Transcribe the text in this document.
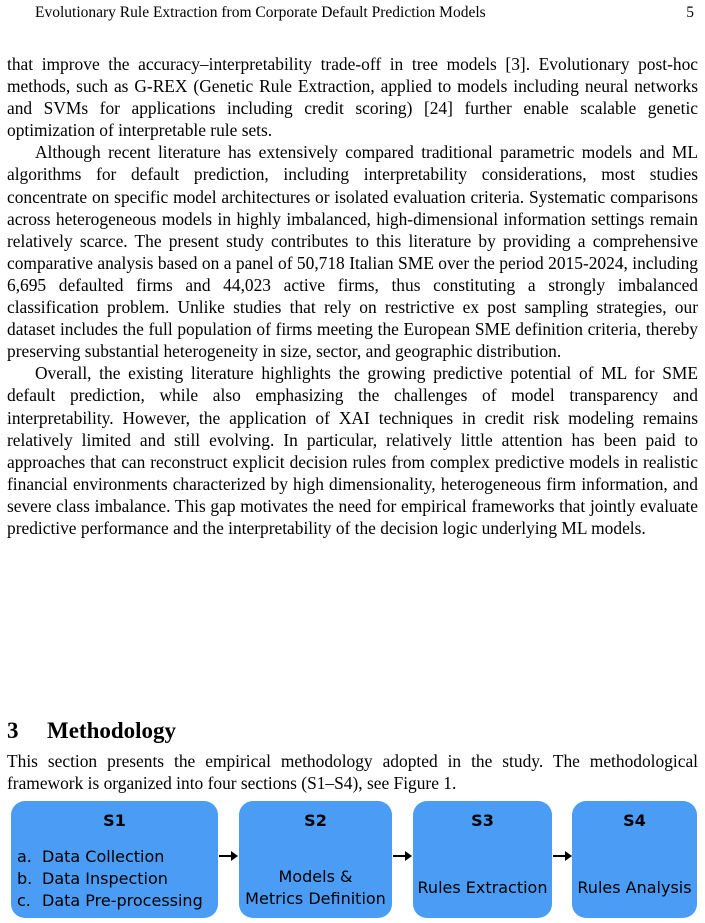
Evolutionary Rule Extraction from Corporate Default Prediction Models	5

that improve the accuracy–interpretability trade-off in tree models [3]. Evolutionary post-hoc methods, such as G-REX (Genetic Rule Extraction, applied to models including neural networks and SVMs for applications including credit scoring) [24] further enable scalable genetic optimization of interpretable rule sets.

Although recent literature has extensively compared traditional parametric models and ML algorithms for default prediction, including interpretability considerations, most studies concentrate on specific model architectures or isolated evaluation criteria. Systematic comparisons across heterogeneous models in highly imbalanced, high-dimensional information settings remain relatively scarce. The present study contributes to this literature by providing a comprehensive comparative analysis based on a panel of 50,718 Italian SME over the period 2015-2024, including 6,695 defaulted firms and 44,023 active firms, thus constituting a strongly imbalanced classification problem. Unlike studies that rely on restrictive ex post sampling strategies, our dataset includes the full population of firms meeting the European SME definition criteria, thereby preserving substantial heterogeneity in size, sector, and geographic distribution.

Overall, the existing literature highlights the growing predictive potential of ML for SME default prediction, while also emphasizing the challenges of model transparency and interpretability. However, the application of XAI techniques in credit risk modeling remains relatively limited and still evolving. In particular, relatively little attention has been paid to approaches that can reconstruct explicit decision rules from complex predictive models in realistic financial environments characterized by high dimensionality, heterogeneous firm information, and severe class imbalance. This gap motivates the need for empirical frameworks that jointly evaluate predictive performance and the interpretability of the decision logic underlying ML models.

3 Methodology

This section presents the empirical methodology adopted in the study. The methodological framework is organized into four sections (S1–S4), see Figure 1.

S1
a. Data Collection
b. Data Inspection
c. Data Pre-processing
S2
Models &
Metrics Definition
S3
Rules Extraction
S4
Rules Analysis
